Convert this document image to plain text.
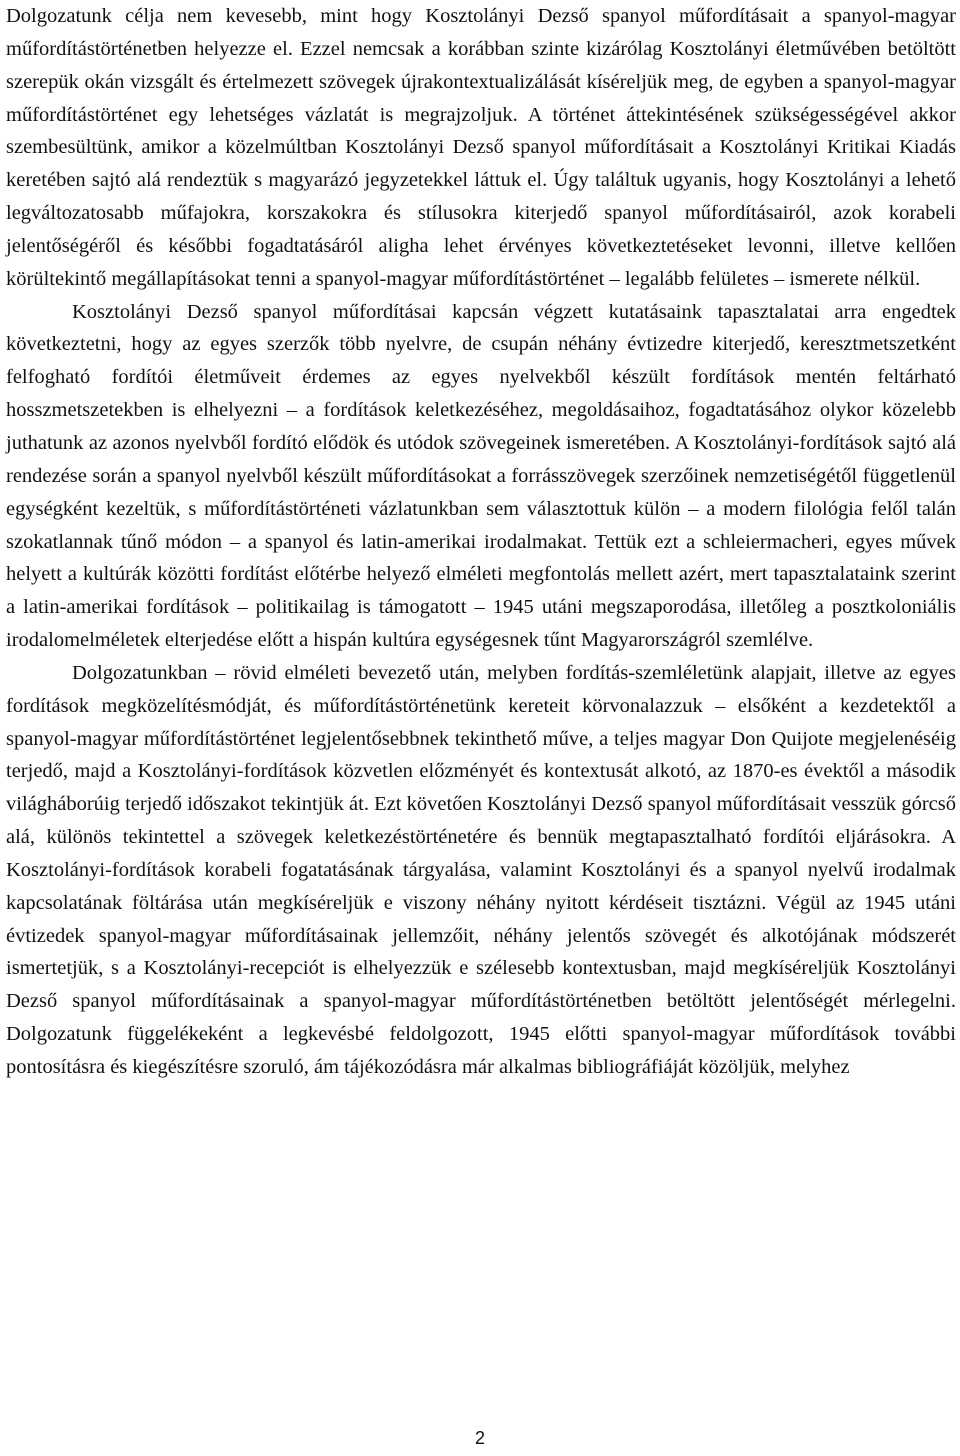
Dolgozatunk célja nem kevesebb, mint hogy Kosztolányi Dezső spanyol műfordításait a spanyol-magyar műfordítástörténetben helyezze el. Ezzel nemcsak a korábban szinte kizárólag Kosztolányi életművében betöltött szerepük okán vizsgált és értelmezett szövegek újrakontextualizálását kíséreljük meg, de egyben a spanyol-magyar műfordítástörténet egy lehetséges vázlatát is megrajzoljuk. A történet áttekintésének szükségességével akkor szembesültünk, amikor a közelmúltban Kosztolányi Dezső spanyol műfordításait a Kosztolányi Kritikai Kiadás keretében sajtó alá rendeztük s magyarázó jegyzetekkel láttuk el. Úgy találtuk ugyanis, hogy Kosztolányi a lehető legváltozatosabb műfajokra, korszakokra és stílusokra kiterjedő spanyol műfordításairól, azok korabeli jelentőségéről és későbbi fogadtatásáról aligha lehet érvényes következtetéseket levonni, illetve kellően körültekintő megállapításokat tenni a spanyol-magyar műfordítástörténet – legalább felületes – ismerete nélkül.

Kosztolányi Dezső spanyol műfordításai kapcsán végzett kutatásaink tapasztalatai arra engedtek következtetni, hogy az egyes szerzők több nyelvre, de csupán néhány évtizedre kiterjedő, keresztmetszetként felfogható fordítói életműveit érdemes az egyes nyelvekből készült fordítások mentén feltárható hosszmetszetekben is elhelyezni – a fordítások keletkezéséhez, megoldásaihoz, fogadtatásához olykor közelebb juthatunk az azonos nyelvből fordító elődök és utódok szövegeinek ismeretében. A Kosztolányi-fordítások sajtó alá rendezése során a spanyol nyelvből készült műfordításokat a forrásszövegek szerzőinek nemzetiségétől függetlenül egységként kezeltük, s műfordítástörténeti vázlatunkban sem választottuk külön – a modern filológia felől talán szokatlannak tűnő módon – a spanyol és latin-amerikai irodalmakat. Tettük ezt a schleiermacheri, egyes művek helyett a kultúrák közötti fordítást előtérbe helyező elméleti megfontolás mellett azért, mert tapasztalataink szerint a latin-amerikai fordítások – politikailag is támogatott – 1945 utáni megszaporodása, illetőleg a posztkoloniális irodalomelméletek elterjedése előtt a hispán kultúra egységesnek tűnt Magyarországról szemlélve.

Dolgozatunkban – rövid elméleti bevezető után, melyben fordítás-szemléletünk alapjait, illetve az egyes fordítások megközelítésmódját, és műfordítástörténetünk kereteit körvonalazzuk – elsőként a kezdetektől a spanyol-magyar műfordítástörténet legjelentősebbnek tekinthető műve, a teljes magyar Don Quijote megjelenéséig terjedő, majd a Kosztolányi-fordítások közvetlen előzményét és kontextusát alkotó, az 1870-es évektől a második világháborúig terjedő időszakot tekintjük át. Ezt követően Kosztolányi Dezső spanyol műfordításait vesszük górcső alá, különös tekintettel a szövegek keletkezéstörténetére és bennük megtapasztalható fordítói eljárásokra. A Kosztolányi-fordítások korabeli fogatatásának tárgyalása, valamint Kosztolányi és a spanyol nyelvű irodalmak kapcsolatának föltárása után megkíséreljük e viszony néhány nyitott kérdéseit tisztázni. Végül az 1945 utáni évtizedek spanyol-magyar műfordításainak jellemzőit, néhány jelentős szövegét és alkotójának módszerét ismertetjük, s a Kosztolányi-recepciót is elhelyezzük e szélesebb kontextusban, majd megkíséreljük Kosztolányi Dezső spanyol műfordításainak a spanyol-magyar műfordítástörténetben betöltött jelentőségét mérlegelni. Dolgozatunk függelékeként a legkevésbé feldolgozott, 1945 előtti spanyol-magyar műfordítások további pontosításra és kiegészítésre szoruló, ám tájékozódásra már alkalmas bibliográfiáját közöljük, melyhez

2
